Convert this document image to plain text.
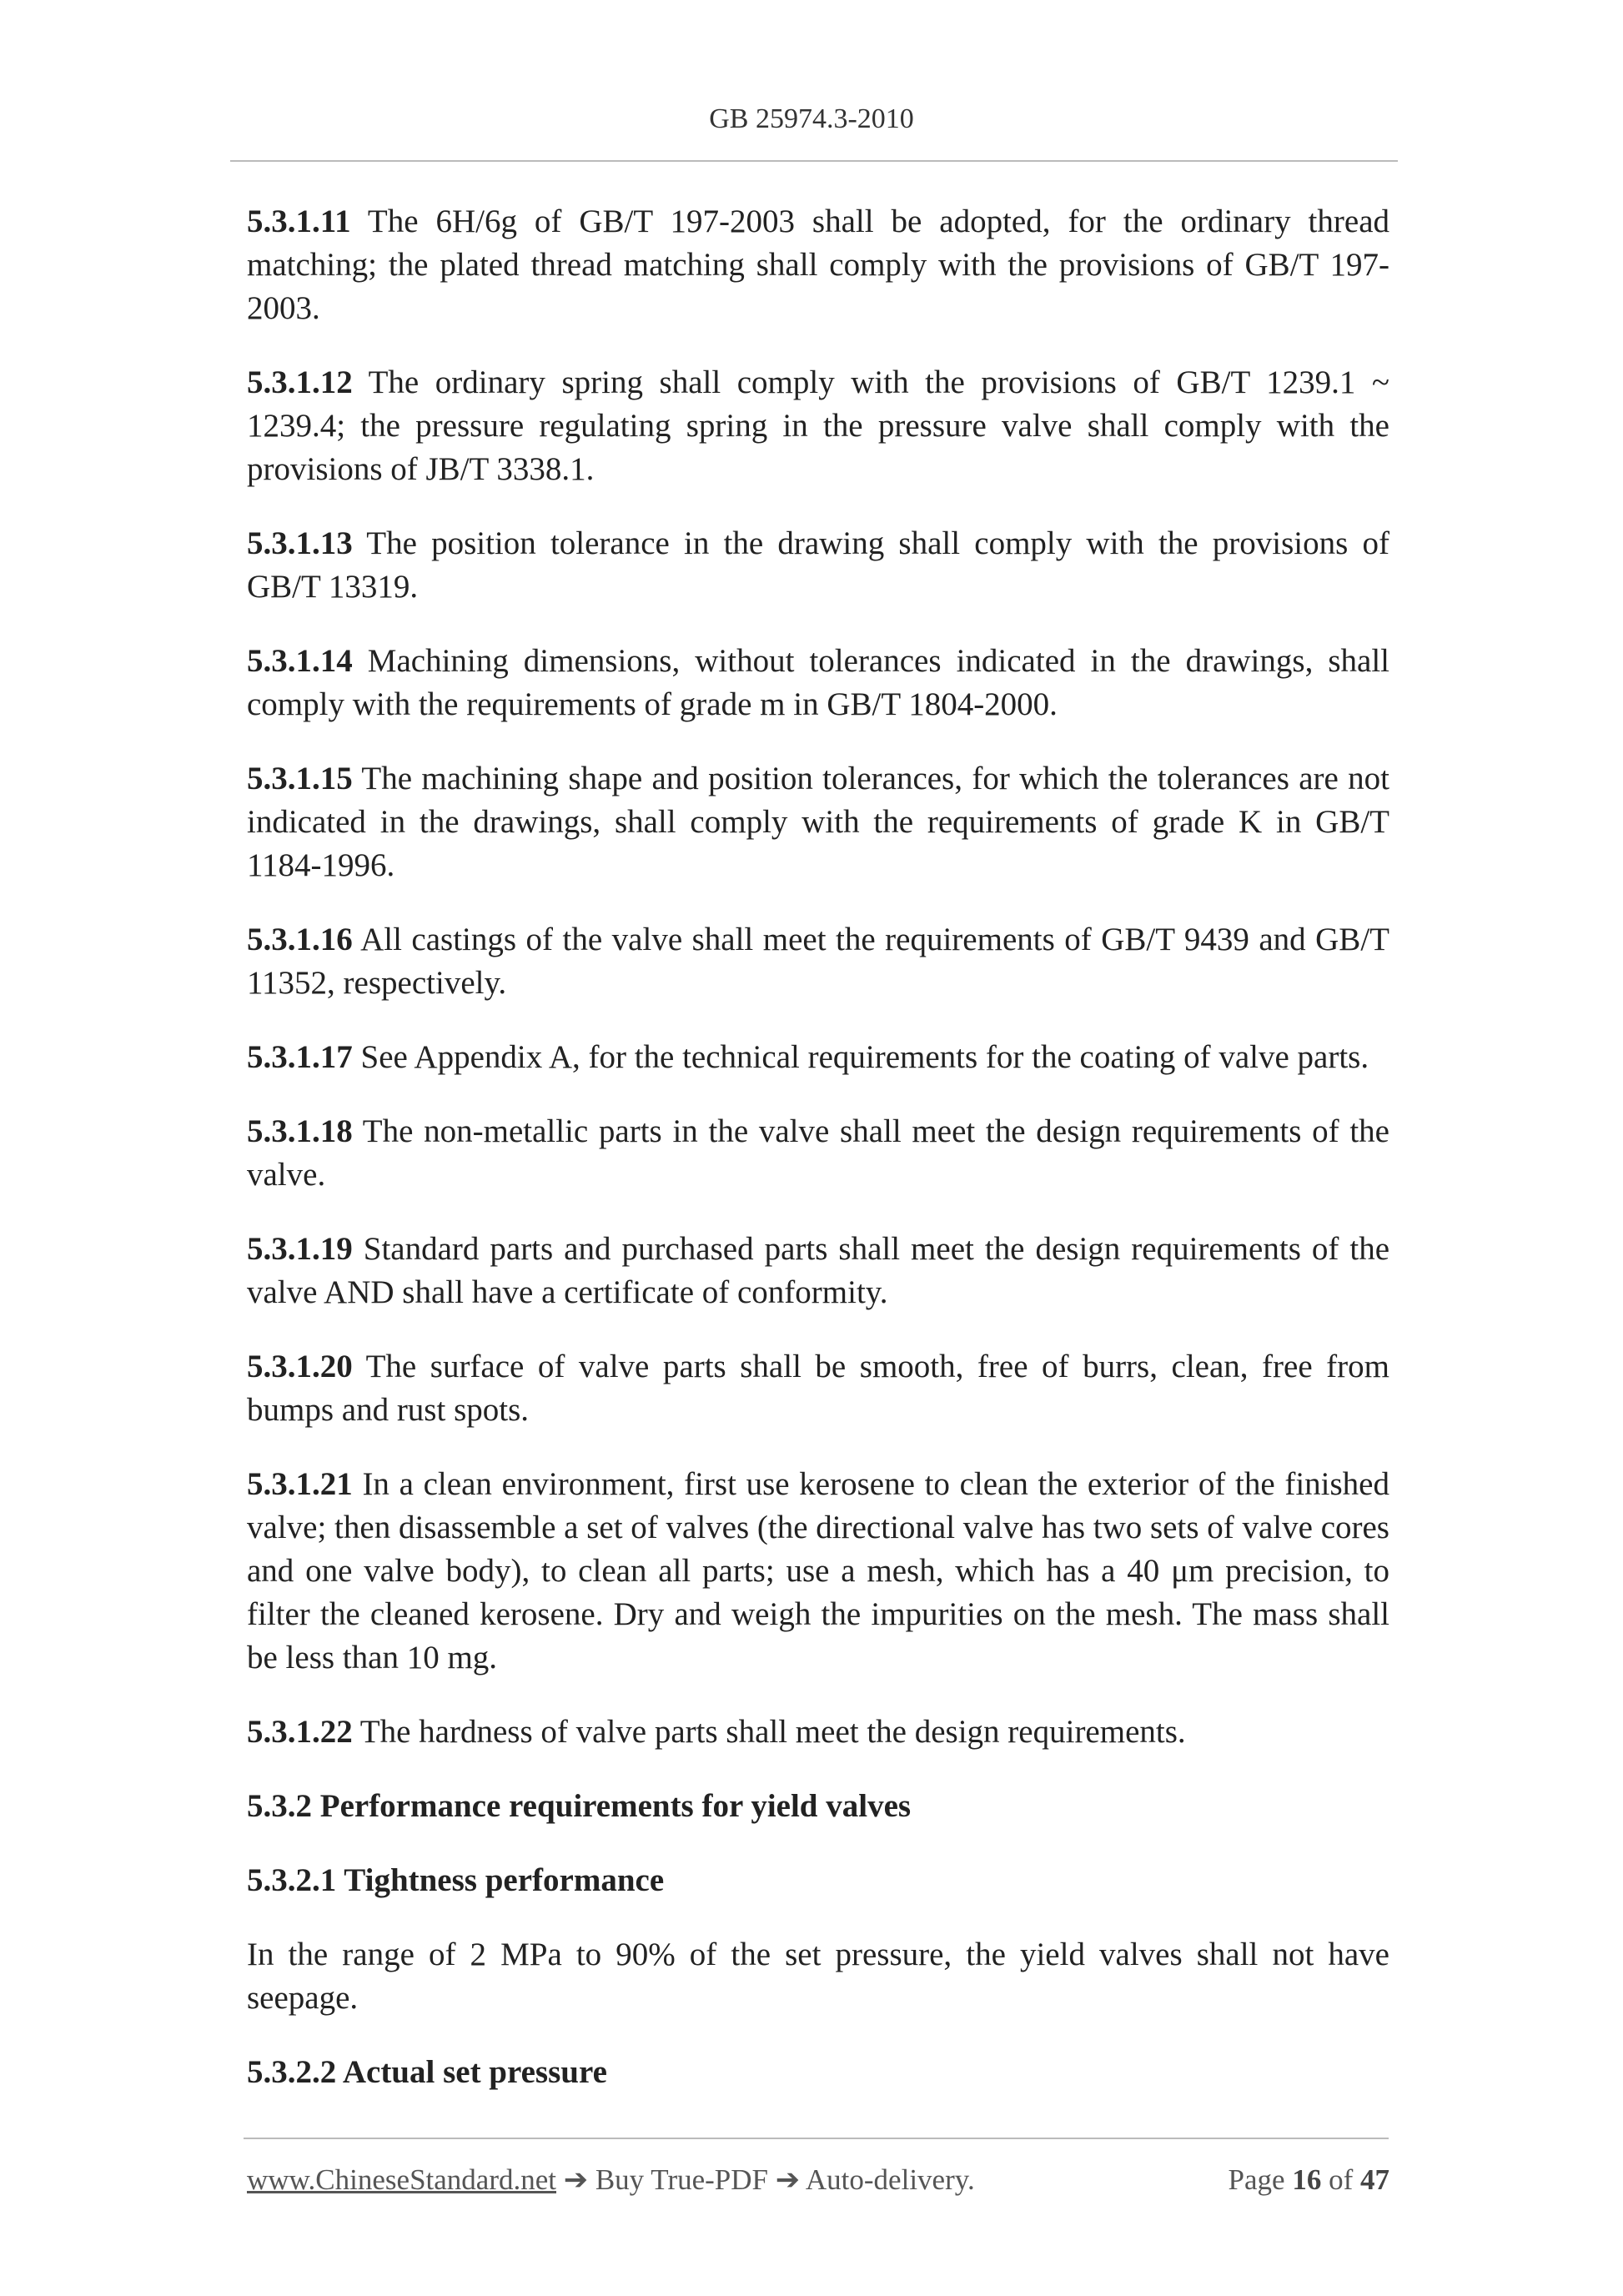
GB 25974.3-2010

5.3.1.11 The 6H/6g of GB/T 197-2003 shall be adopted, for the ordinary thread matching; the plated thread matching shall comply with the provisions of GB/T 197-2003.

5.3.1.12 The ordinary spring shall comply with the provisions of GB/T 1239.1 ~ 1239.4; the pressure regulating spring in the pressure valve shall comply with the provisions of JB/T 3338.1.

5.3.1.13 The position tolerance in the drawing shall comply with the provisions of GB/T 13319.

5.3.1.14 Machining dimensions, without tolerances indicated in the drawings, shall comply with the requirements of grade m in GB/T 1804-2000.

5.3.1.15 The machining shape and position tolerances, for which the tolerances are not indicated in the drawings, shall comply with the requirements of grade K in GB/T 1184-1996.

5.3.1.16 All castings of the valve shall meet the requirements of GB/T 9439 and GB/T 11352, respectively.

5.3.1.17 See Appendix A, for the technical requirements for the coating of valve parts.

5.3.1.18 The non-metallic parts in the valve shall meet the design requirements of the valve.

5.3.1.19 Standard parts and purchased parts shall meet the design requirements of the valve AND shall have a certificate of conformity.

5.3.1.20 The surface of valve parts shall be smooth, free of burrs, clean, free from bumps and rust spots.

5.3.1.21 In a clean environment, first use kerosene to clean the exterior of the finished valve; then disassemble a set of valves (the directional valve has two sets of valve cores and one valve body), to clean all parts; use a mesh, which has a 40 μm precision, to filter the cleaned kerosene. Dry and weigh the impurities on the mesh. The mass shall be less than 10 mg.

5.3.1.22 The hardness of valve parts shall meet the design requirements.

5.3.2 Performance requirements for yield valves

5.3.2.1 Tightness performance

In the range of 2 MPa to 90% of the set pressure, the yield valves shall not have seepage.

5.3.2.2 Actual set pressure

www.ChineseStandard.net ➔ Buy True-PDF ➔ Auto-delivery.	Page 16 of 47
